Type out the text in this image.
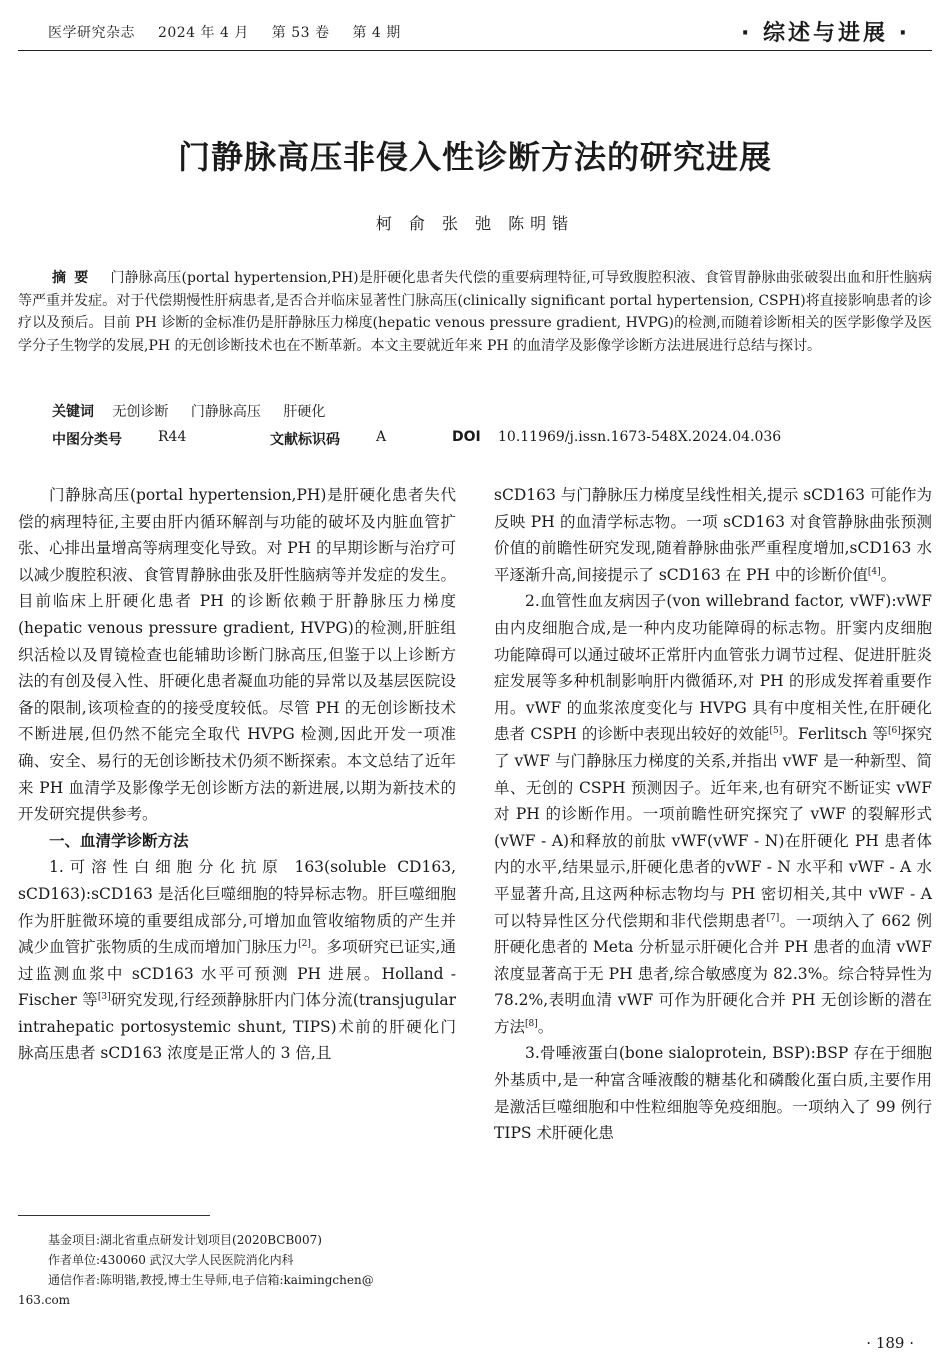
医学研究杂志 2024 年 4 月 第 53 卷 第 4 期	· 综述与进展 ·
门静脉高压非侵入性诊断方法的研究进展
柯 俞 张 弛 陈明锴
摘要 门静脉高压(portal hypertension,PH)是肝硬化患者失代偿的重要病理特征,可导致腹腔积液、食管胃静脉曲张破裂出血和肝性脑病等严重并发症。对于代偿期慢性肝病患者,是否合并临床显著性门脉高压(clinically significant portal hypertension, CSPH)将直接影响患者的诊疗以及预后。目前 PH 诊断的金标准仍是肝静脉压力梯度(hepatic venous pressure gradient, HVPG)的检测,而随着诊断相关的医学影像学及医学分子生物学的发展,PH 的无创诊断技术也在不断革新。本文主要就近年来 PH 的血清学及影像学诊断方法进展进行总结与探讨。
关键词 无创诊断 门静脉高压 肝硬化
中图分类号	R44	文献标识码	A	DOI 10.11969/j.issn.1673-548X.2024.04.036

门静脉高压(portal hypertension,PH)是肝硬化患者失代偿的病理特征,主要由肝内循环解剖与功能的破坏及内脏血管扩张、心排出量增高等病理变化导致。对 PH 的早期诊断与治疗可以减少腹腔积液、食管胃静脉曲张及肝性脑病等并发症的发生。目前临床上肝硬化患者 PH 的诊断依赖于肝静脉压力梯度(hepatic venous pressure gradient, HVPG)的检测,肝脏组织活检以及胃镜检查也能辅助诊断门脉高压,但鉴于以上诊断方法的有创及侵入性、肝硬化患者凝血功能的异常以及基层医院设备的限制,该项检查的的接受度较低。尽管 PH 的无创诊断技术不断进展,但仍然不能完全取代 HVPG 检测,因此开发一项准确、安全、易行的无创诊断技术仍须不断探索。本文总结了近年来 PH 血清学及影像学无创诊断方法的新进展,以期为新技术的开发研究提供参考。

一、血清学诊断方法

1.可溶性白细胞分化抗原 163(soluble CD163, sCD163):sCD163 是活化巨噬细胞的特异标志物。肝巨噬细胞作为肝脏微环境的重要组成部分,可增加血管收缩物质的产生并减少血管扩张物质的生成而增加门脉压力[2]。多项研究已证实,通过监测血浆中 sCD163 水平可预测 PH 进展。Holland - Fischer 等[3]研究发现,行经颈静脉肝内门体分流(transjugular intrahepatic portosystemic shunt, TIPS)术前的肝硬化门脉高压患者 sCD163 浓度是正常人的 3 倍,且

基金项目:湖北省重点研发计划项目(2020BCB007)
作者单位:430060 武汉大学人民医院消化内科
通信作者:陈明锴,教授,博士生导师,电子信箱:kaimingchen@
163.com

sCD163 与门静脉压力梯度呈线性相关,提示 sCD163 可能作为反映 PH 的血清学标志物。一项 sCD163 对食管静脉曲张预测价值的前瞻性研究发现,随着静脉曲张严重程度增加,sCD163 水平逐渐升高,间接提示了 sCD163 在 PH 中的诊断价值[4]。

2.血管性血友病因子(von willebrand factor, vWF):vWF 由内皮细胞合成,是一种内皮功能障碍的标志物。肝窦内皮细胞功能障碍可以通过破坏正常肝内血管张力调节过程、促进肝脏炎症发展等多种机制影响肝内微循环,对 PH 的形成发挥着重要作用。vWF 的血浆浓度变化与 HVPG 具有中度相关性,在肝硬化患者 CSPH 的诊断中表现出较好的效能[5]。Ferlitsch 等[6]探究了 vWF 与门静脉压力梯度的关系,并指出 vWF 是一种新型、简单、无创的 CSPH 预测因子。近年来,也有研究不断证实 vWF 对 PH 的诊断作用。一项前瞻性研究探究了 vWF 的裂解形式(vWF - A)和释放的前肽 vWF(vWF - N)在肝硬化 PH 患者体内的水平,结果显示,肝硬化患者的vWF - N 水平和 vWF - A 水平显著升高,且这两种标志物均与 PH 密切相关,其中 vWF - A 可以特异性区分代偿期和非代偿期患者[7]。一项纳入了 662 例肝硬化患者的 Meta 分析显示肝硬化合并 PH 患者的血清 vWF 浓度显著高于无 PH 患者,综合敏感度为 82.3%。综合特异性为 78.2%,表明血清 vWF 可作为肝硬化合并 PH 无创诊断的潜在方法[8]。

3.骨唾液蛋白(bone sialoprotein, BSP):BSP 存在于细胞外基质中,是一种富含唾液酸的糖基化和磷酸化蛋白质,主要作用是激活巨噬细胞和中性粒细胞等免疫细胞。一项纳入了 99 例行 TIPS 术肝硬化患

· 189 ·
